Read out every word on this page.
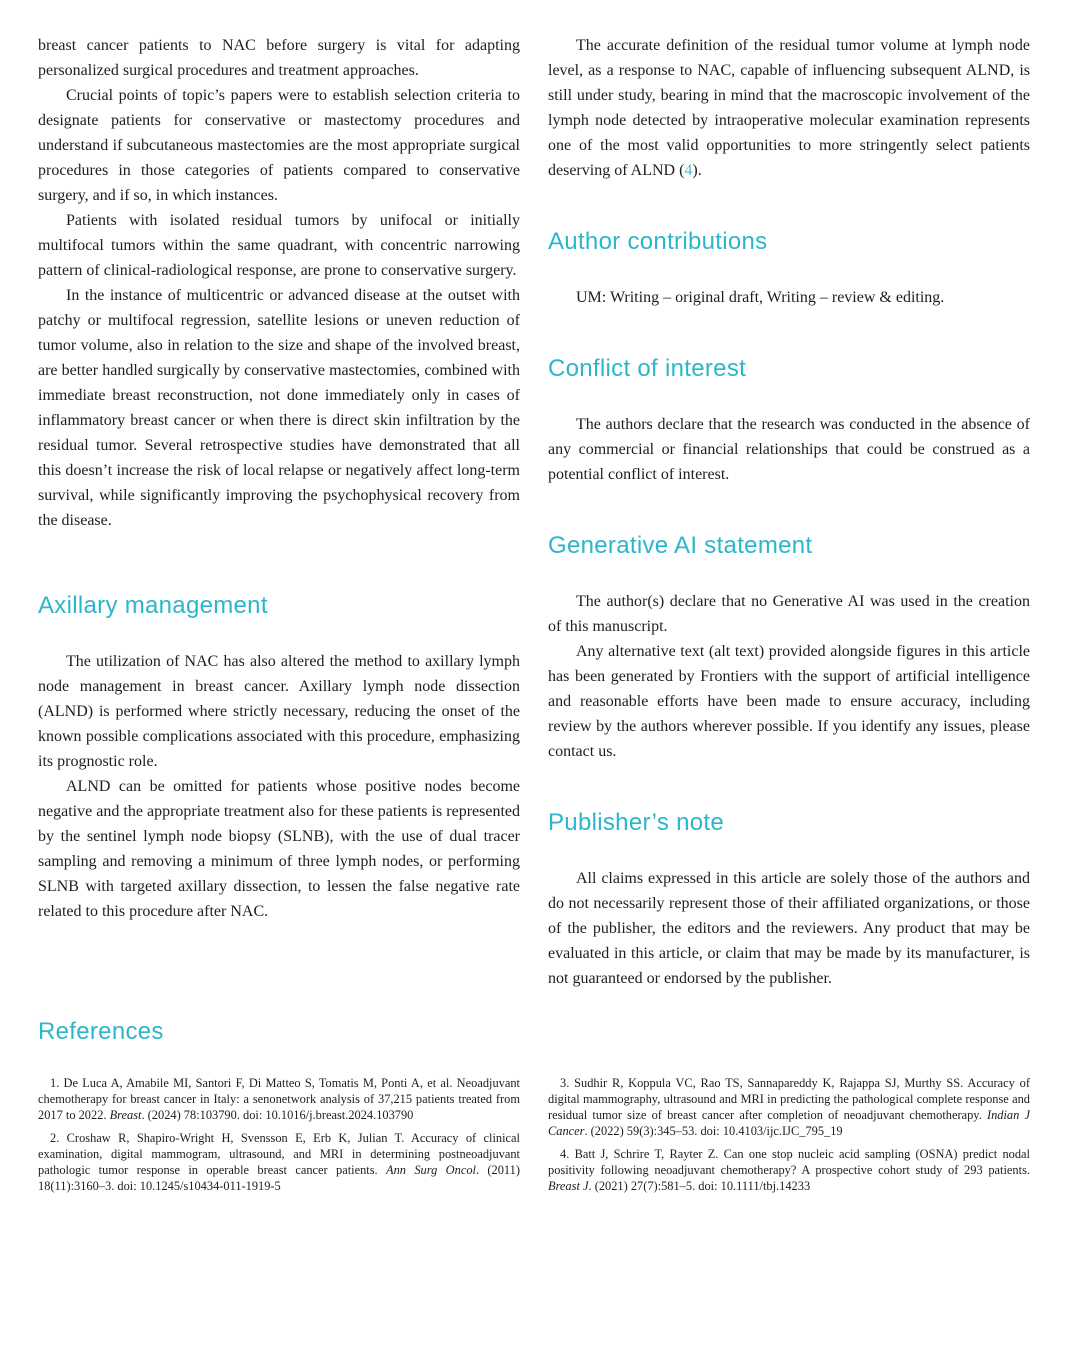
breast cancer patients to NAC before surgery is vital for adapting personalized surgical procedures and treatment approaches.

Crucial points of topic’s papers were to establish selection criteria to designate patients for conservative or mastectomy procedures and understand if subcutaneous mastectomies are the most appropriate surgical procedures in those categories of patients compared to conservative surgery, and if so, in which instances.

Patients with isolated residual tumors by unifocal or initially multifocal tumors within the same quadrant, with concentric narrowing pattern of clinical-radiological response, are prone to conservative surgery.

In the instance of multicentric or advanced disease at the outset with patchy or multifocal regression, satellite lesions or uneven reduction of tumor volume, also in relation to the size and shape of the involved breast, are better handled surgically by conservative mastectomies, combined with immediate breast reconstruction, not done immediately only in cases of inflammatory breast cancer or when there is direct skin infiltration by the residual tumor. Several retrospective studies have demonstrated that all this doesn’t increase the risk of local relapse or negatively affect long-term survival, while significantly improving the psychophysical recovery from the disease.

Axillary management

The utilization of NAC has also altered the method to axillary lymph node management in breast cancer. Axillary lymph node dissection (ALND) is performed where strictly necessary, reducing the onset of the known possible complications associated with this procedure, emphasizing its prognostic role.

ALND can be omitted for patients whose positive nodes become negative and the appropriate treatment also for these patients is represented by the sentinel lymph node biopsy (SLNB), with the use of dual tracer sampling and removing a minimum of three lymph nodes, or performing SLNB with targeted axillary dissection, to lessen the false negative rate related to this procedure after NAC.

The accurate definition of the residual tumor volume at lymph node level, as a response to NAC, capable of influencing subsequent ALND, is still under study, bearing in mind that the macroscopic involvement of the lymph node detected by intraoperative molecular examination represents one of the most valid opportunities to more stringently select patients deserving of ALND (4).

Author contributions

UM: Writing – original draft, Writing – review & editing.

Conflict of interest

The authors declare that the research was conducted in the absence of any commercial or financial relationships that could be construed as a potential conflict of interest.

Generative AI statement

The author(s) declare that no Generative AI was used in the creation of this manuscript.

Any alternative text (alt text) provided alongside figures in this article has been generated by Frontiers with the support of artificial intelligence and reasonable efforts have been made to ensure accuracy, including review by the authors wherever possible. If you identify any issues, please contact us.

Publisher’s note

All claims expressed in this article are solely those of the authors and do not necessarily represent those of their affiliated organizations, or those of the publisher, the editors and the reviewers. Any product that may be evaluated in this article, or claim that may be made by its manufacturer, is not guaranteed or endorsed by the publisher.

References

1. De Luca A, Amabile MI, Santori F, Di Matteo S, Tomatis M, Ponti A, et al. Neoadjuvant chemotherapy for breast cancer in Italy: a senonetwork analysis of 37,215 patients treated from 2017 to 2022. Breast. (2024) 78:103790. doi: 10.1016/j.breast.2024.103790

2. Croshaw R, Shapiro-Wright H, Svensson E, Erb K, Julian T. Accuracy of clinical examination, digital mammogram, ultrasound, and MRI in determining postneoadjuvant pathologic tumor response in operable breast cancer patients. Ann Surg Oncol. (2011) 18(11):3160–3. doi: 10.1245/s10434-011-1919-5

3. Sudhir R, Koppula VC, Rao TS, Sannapareddy K, Rajappa SJ, Murthy SS. Accuracy of digital mammography, ultrasound and MRI in predicting the pathological complete response and residual tumor size of breast cancer after completion of neoadjuvant chemotherapy. Indian J Cancer. (2022) 59(3):345–53. doi: 10.4103/ijc.IJC_795_19

4. Batt J, Schrire T, Rayter Z. Can one stop nucleic acid sampling (OSNA) predict nodal positivity following neoadjuvant chemotherapy? A prospective cohort study of 293 patients. Breast J. (2021) 27(7):581–5. doi: 10.1111/tbj.14233
